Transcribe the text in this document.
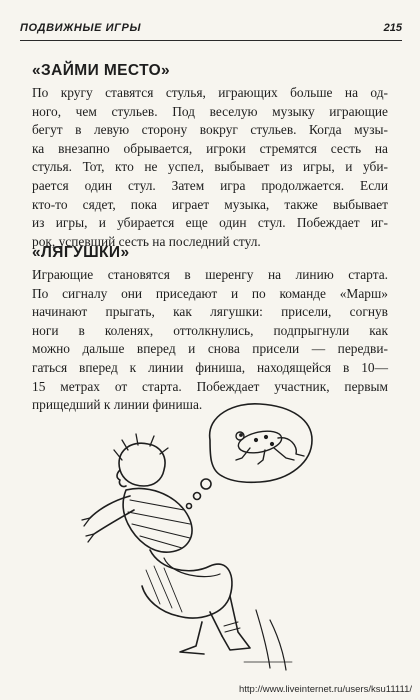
ПОДВИЖНЫЕ ИГРЫ	215
«ЗАЙМИ МЕСТО»
По кругу ставятся стулья, играющих больше на од-
ного, чем стульев. Под веселую музыку играющие
бегут в левую сторону вокруг стульев. Когда музы-
ка внезапно обрывается, игроки стремятся сесть на
стулья. Тот, кто не успел, выбывает из игры, и уби-
рается один стул. Затем игра продолжается. Если
кто-то сядет, пока играет музыка, также выбывает
из игры, и убирается еще один стул. Побеждает иг-
рок, успевший сесть на последний стул.
«ЛЯГУШКИ»
Играющие становятся в шеренгу на линию старта.
По сигналу они приседают и по команде «Марш»
начинают прыгать, как лягушки: присели, согнув
ноги в коленях, оттолкнулись, подпрыгнули как
можно дальше вперед и снова присели — передви-
гаться вперед к линии финиша, находящейся в 10—
15 метрах от старта. Побеждает участник, первым
прищедший к линии финиша.
http://www.liveinternet.ru/users/ksu11111/
